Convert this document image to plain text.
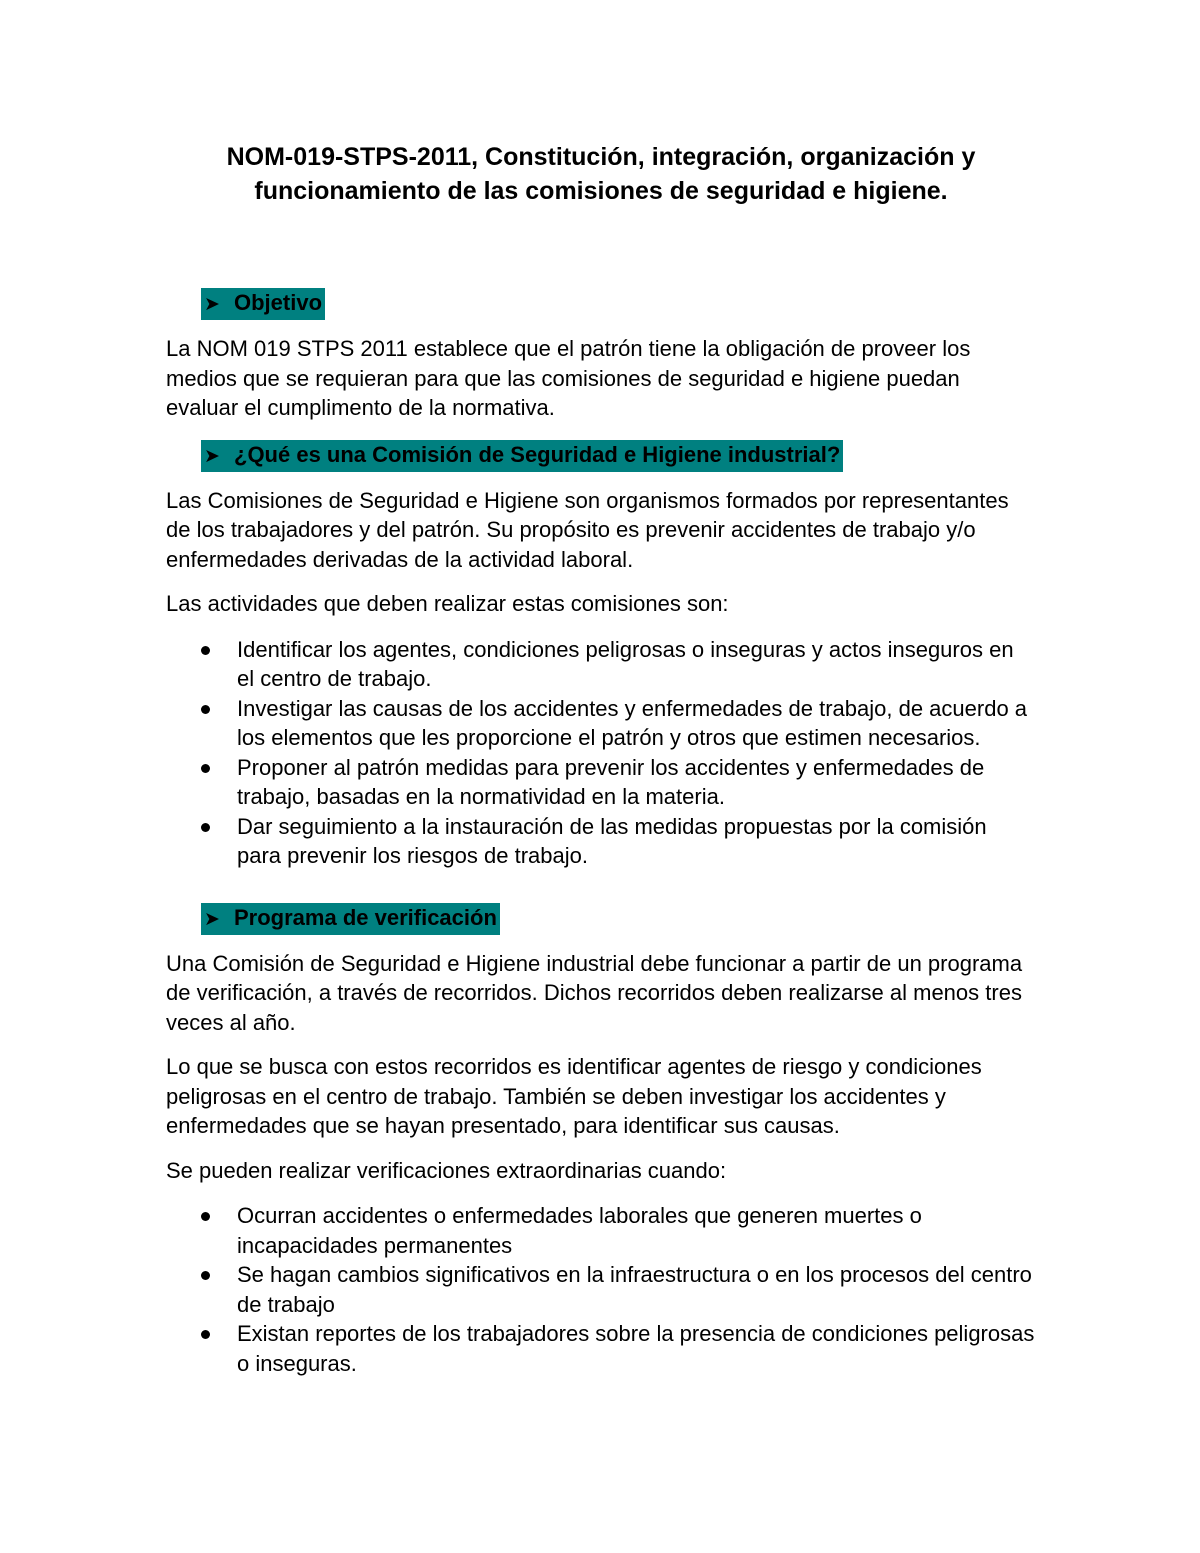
NOM-019-STPS-2011, Constitución, integración, organización y
funcionamiento de las comisiones de seguridad e higiene.
➤ Objetivo

La NOM 019 STPS 2011 establece que el patrón tiene la obligación de proveer los medios que se requieran para que las comisiones de seguridad e higiene puedan evaluar el cumplimento de la normativa.

➤ ¿Qué es una Comisión de Seguridad e Higiene industrial?

Las Comisiones de Seguridad e Higiene son organismos formados por representantes de los trabajadores y del patrón. Su propósito es prevenir accidentes de trabajo y/o enfermedades derivadas de la actividad laboral.

Las actividades que deben realizar estas comisiones son:

Identificar los agentes, condiciones peligrosas o inseguras y actos inseguros en el centro de trabajo.
Investigar las causas de los accidentes y enfermedades de trabajo, de acuerdo a los elementos que les proporcione el patrón y otros que estimen necesarios.
Proponer al patrón medidas para prevenir los accidentes y enfermedades de trabajo, basadas en la normatividad en la materia.
Dar seguimiento a la instauración de las medidas propuestas por la comisión para prevenir los riesgos de trabajo.
➤ Programa de verificación

Una Comisión de Seguridad e Higiene industrial debe funcionar a partir de un programa de verificación, a través de recorridos. Dichos recorridos deben realizarse al menos tres veces al año.

Lo que se busca con estos recorridos es identificar agentes de riesgo y condiciones peligrosas en el centro de trabajo. También se deben investigar los accidentes y enfermedades que se hayan presentado, para identificar sus causas.

Se pueden realizar verificaciones extraordinarias cuando:

Ocurran accidentes o enfermedades laborales que generen muertes o incapacidades permanentes
Se hagan cambios significativos en la infraestructura o en los procesos del centro de trabajo
Existan reportes de los trabajadores sobre la presencia de condiciones peligrosas o inseguras.
